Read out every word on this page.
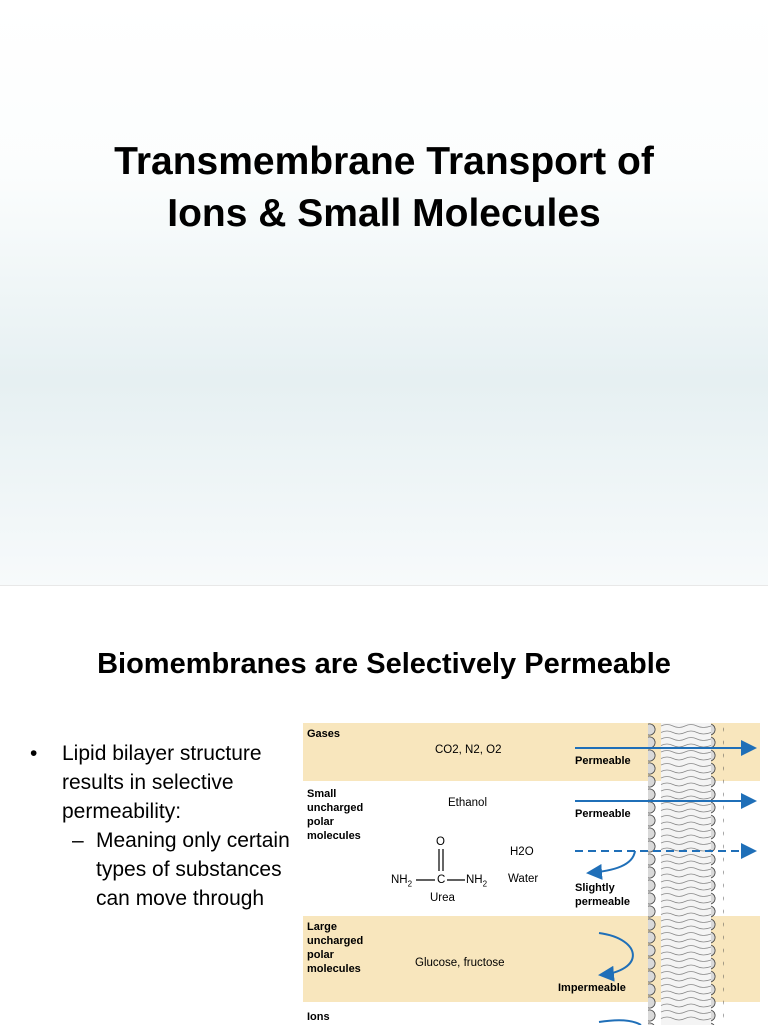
Transmembrane Transport of
Ions & Small Molecules
Biomembranes are Selectively Permeable
• Lipid bilayer structure results in selective permeability:
– Meaning only certain types of substances can move through
Gases
Small uncharged polar molecules
Large uncharged polar molecules
Ions
CO2, N2, O2
Ethanol
O
$NH_2$ C $NH_2$
Urea
H2O
Water
Glucose, fructose
Permeable
Permeable
Slightly
permeable
Impermeable
